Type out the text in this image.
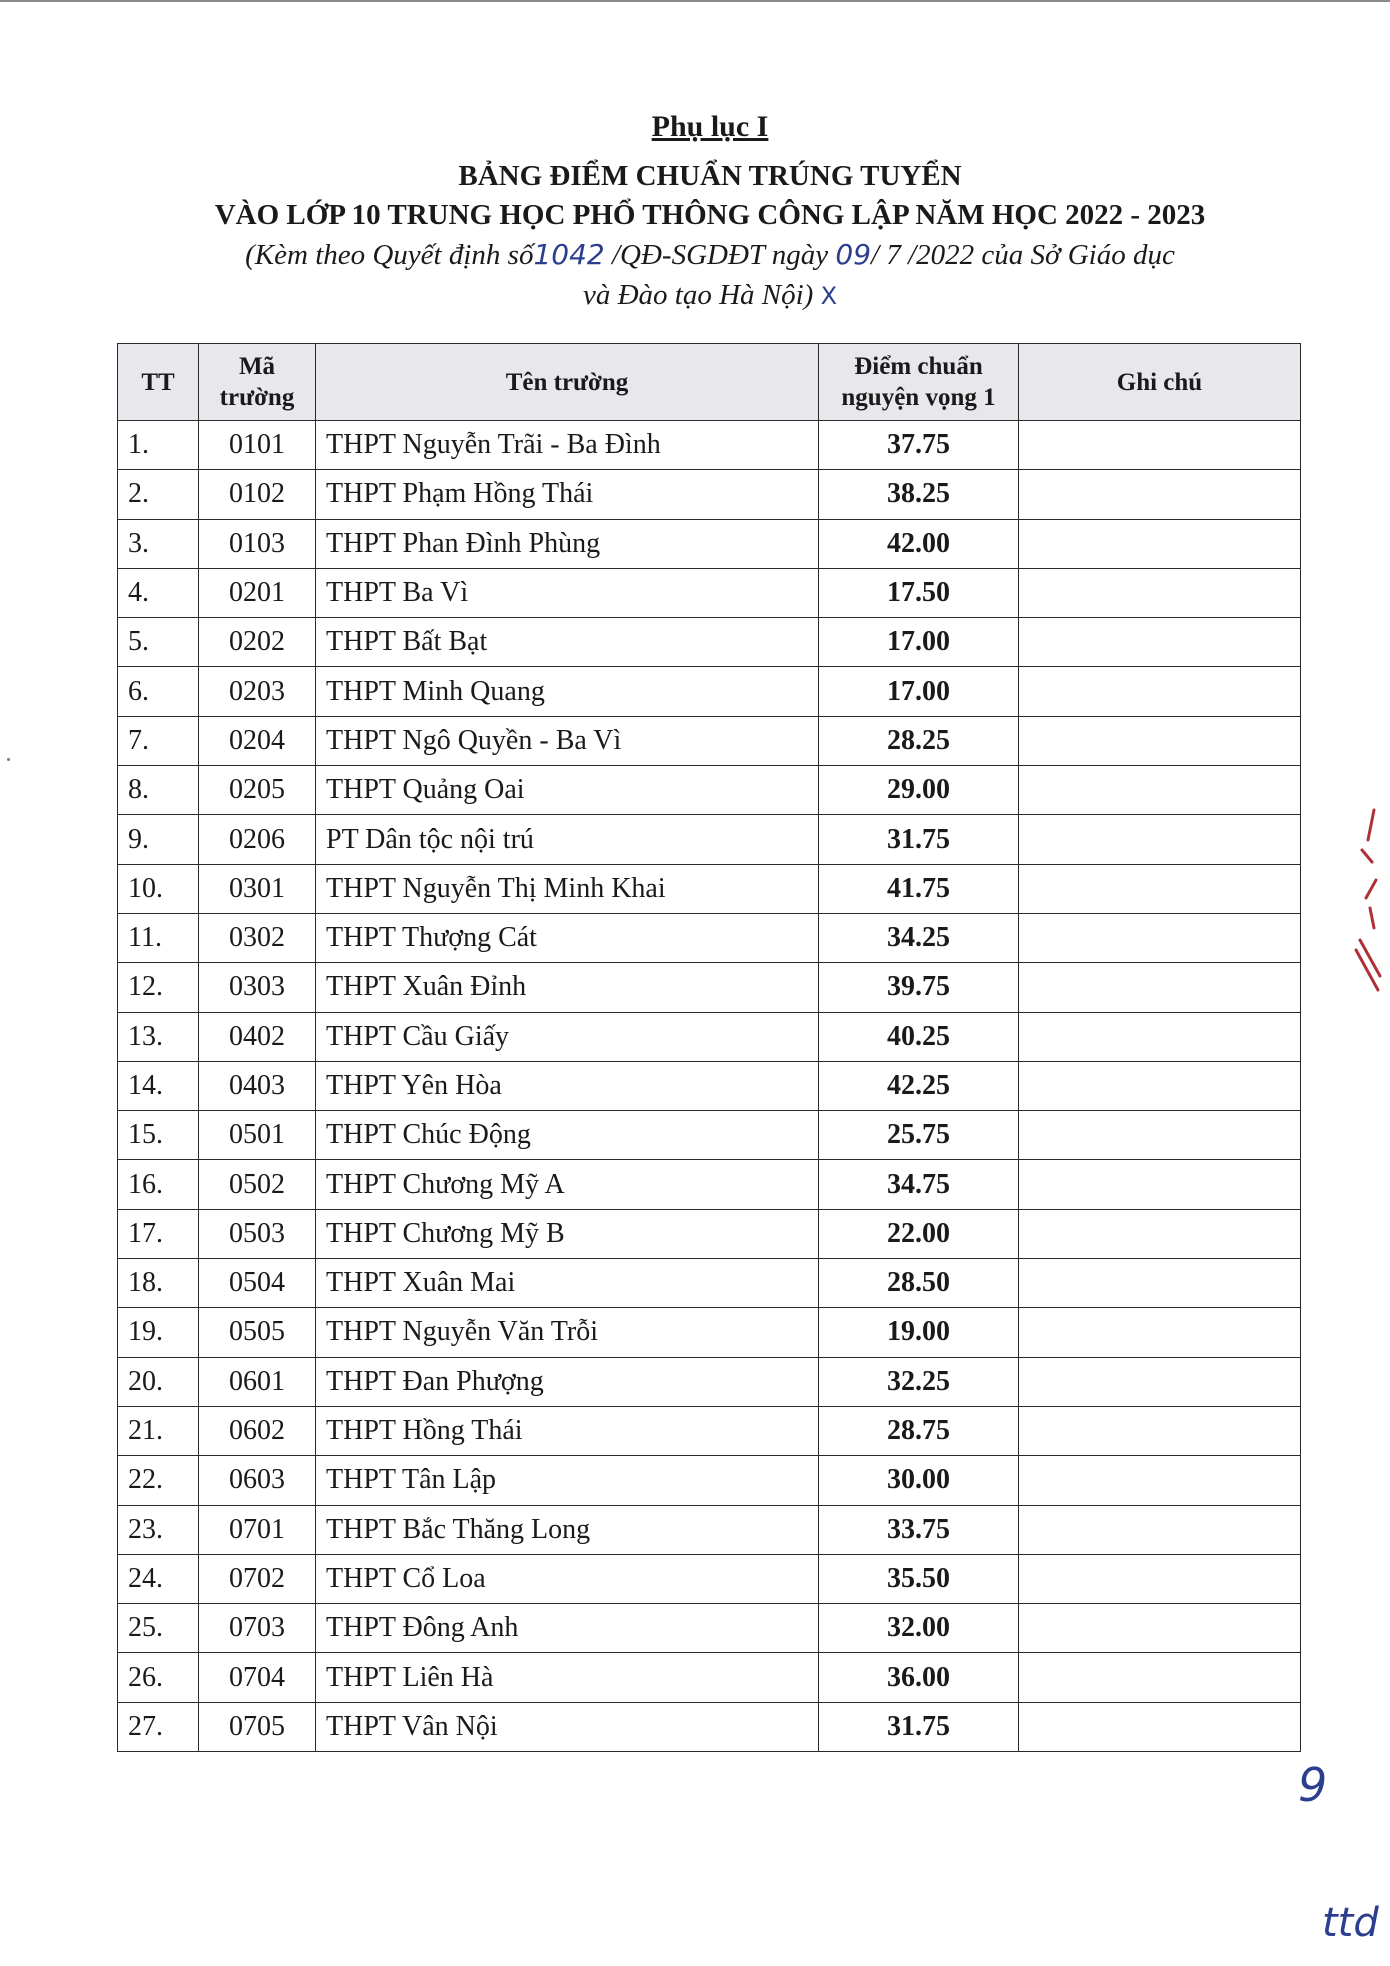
Phụ lục I
BẢNG ĐIỂM CHUẨN TRÚNG TUYỂN
VÀO LỚP 10 TRUNG HỌC PHỔ THÔNG CÔNG LẬP NĂM HỌC 2022 - 2023
(Kèm theo Quyết định số1042 /QĐ-SGDĐT ngày 09/ 7 /2022 của Sở Giáo dục
và Đào tạo Hà Nội) X
TT	Mã trường	Tên trường	Điểm chuẩn nguyện vọng 1	Ghi chú
1.	0101	THPT Nguyễn Trãi - Ba Đình	37.75	
2.	0102	THPT Phạm Hồng Thái	38.25	
3.	0103	THPT Phan Đình Phùng	42.00	
4.	0201	THPT Ba Vì	17.50	
5.	0202	THPT Bất Bạt	17.00	
6.	0203	THPT Minh Quang	17.00	
7.	0204	THPT Ngô Quyền - Ba Vì	28.25	
8.	0205	THPT Quảng Oai	29.00	
9.	0206	PT Dân tộc nội trú	31.75	
10.	0301	THPT Nguyễn Thị Minh Khai	41.75	
11.	0302	THPT Thượng Cát	34.25	
12.	0303	THPT Xuân Đỉnh	39.75	
13.	0402	THPT Cầu Giấy	40.25	
14.	0403	THPT Yên Hòa	42.25	
15.	0501	THPT Chúc Động	25.75	
16.	0502	THPT Chương Mỹ A	34.75	
17.	0503	THPT Chương Mỹ B	22.00	
18.	0504	THPT Xuân Mai	28.50	
19.	0505	THPT Nguyễn Văn Trỗi	19.00	
20.	0601	THPT Đan Phượng	32.25	
21.	0602	THPT Hồng Thái	28.75	
22.	0603	THPT Tân Lập	30.00	
23.	0701	THPT Bắc Thăng Long	33.75	
24.	0702	THPT Cổ Loa	35.50	
25.	0703	THPT Đông Anh	32.00	
26.	0704	THPT Liên Hà	36.00	
27.	0705	THPT Vân Nội	31.75	
9
ttd
